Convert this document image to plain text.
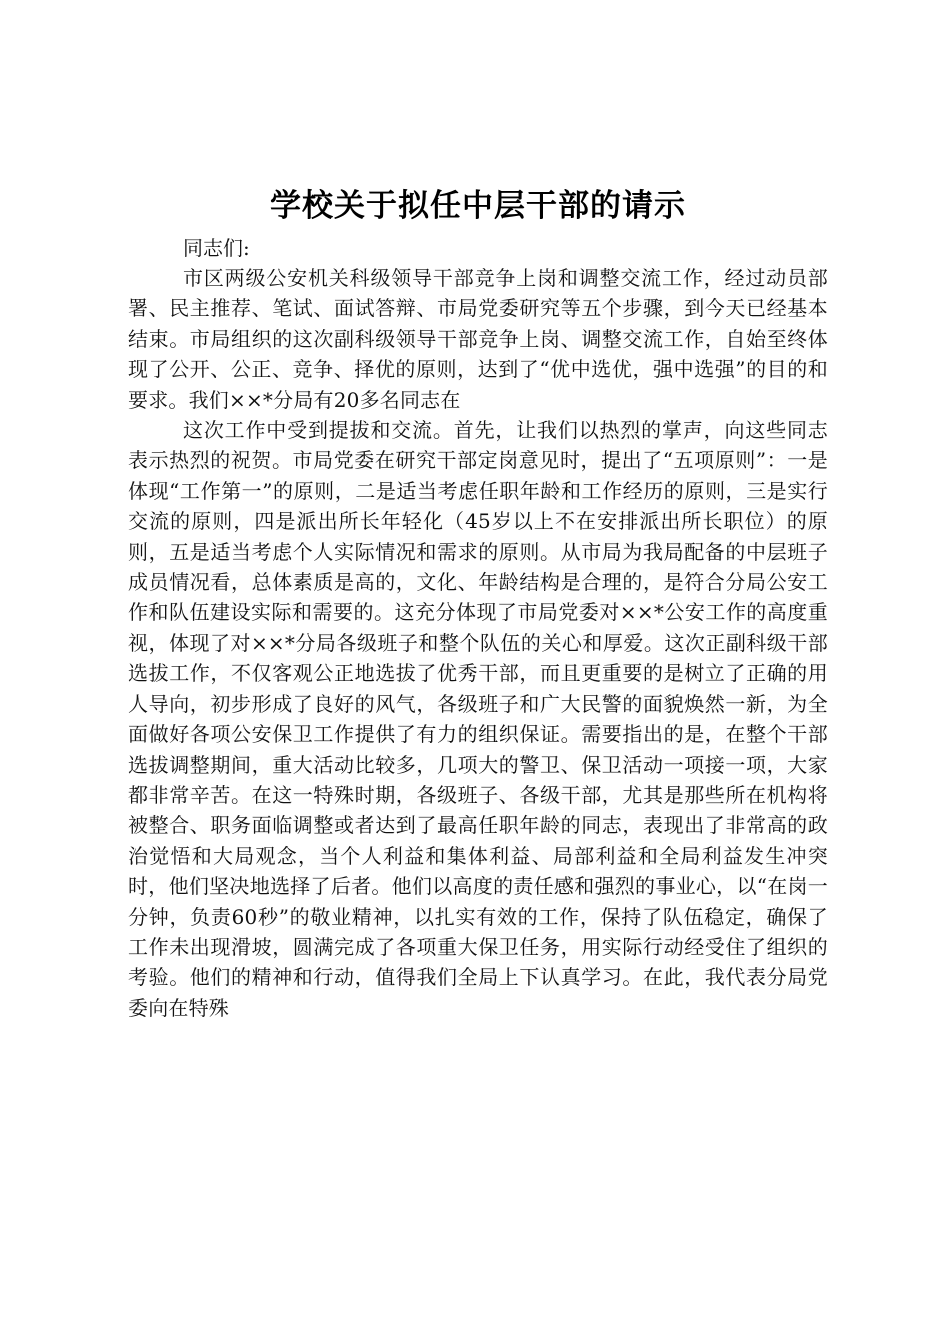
学校关于拟任中层干部的请示

同志们:

市区两级公安机关科级领导干部竞争上岗和调整交流工作，经过动员部署、民主推荐、笔试、面试答辩、市局党委研究等五个步骤，到今天已经基本结束。市局组织的这次副科级领导干部竞争上岗、调整交流工作，自始至终体现了公开、公正、竞争、择优的原则，达到了“优中选优，强中选强”的目的和要求。我们××*分局有20多名同志在

这次工作中受到提拔和交流。首先，让我们以热烈的掌声，向这些同志表示热烈的祝贺。市局党委在研究干部定岗意见时，提出了“五项原则”：一是体现“工作第一”的原则，二是适当考虑任职年龄和工作经历的原则，三是实行交流的原则，四是派出所长年轻化（45岁以上不在安排派出所长职位）的原则，五是适当考虑个人实际情况和需求的原则。从市局为我局配备的中层班子成员情况看，总体素质是高的，文化、年龄结构是合理的，是符合分局公安工作和队伍建设实际和需要的。这充分体现了市局党委对××*公安工作的高度重视，体现了对××*分局各级班子和整个队伍的关心和厚爱。这次正副科级干部选拔工作，不仅客观公正地选拔了优秀干部，而且更重要的是树立了正确的用人导向，初步形成了良好的风气，各级班子和广大民警的面貌焕然一新，为全面做好各项公安保卫工作提供了有力的组织保证。需要指出的是，在整个干部选拔调整期间，重大活动比较多，几项大的警卫、保卫活动一项接一项，大家都非常辛苦。在这一特殊时期，各级班子、各级干部，尤其是那些所在机构将被整合、职务面临调整或者达到了最高任职年龄的同志，表现出了非常高的政治觉悟和大局观念，当个人利益和集体利益、局部利益和全局利益发生冲突时，他们坚决地选择了后者。他们以高度的责任感和强烈的事业心，以“在岗一分钟，负责60秒”的敬业精神，以扎实有效的工作，保持了队伍稳定，确保了工作未出现滑坡，圆满完成了各项重大保卫任务，用实际行动经受住了组织的考验。他们的精神和行动，值得我们全局上下认真学习。在此，我代表分局党委向在特殊
